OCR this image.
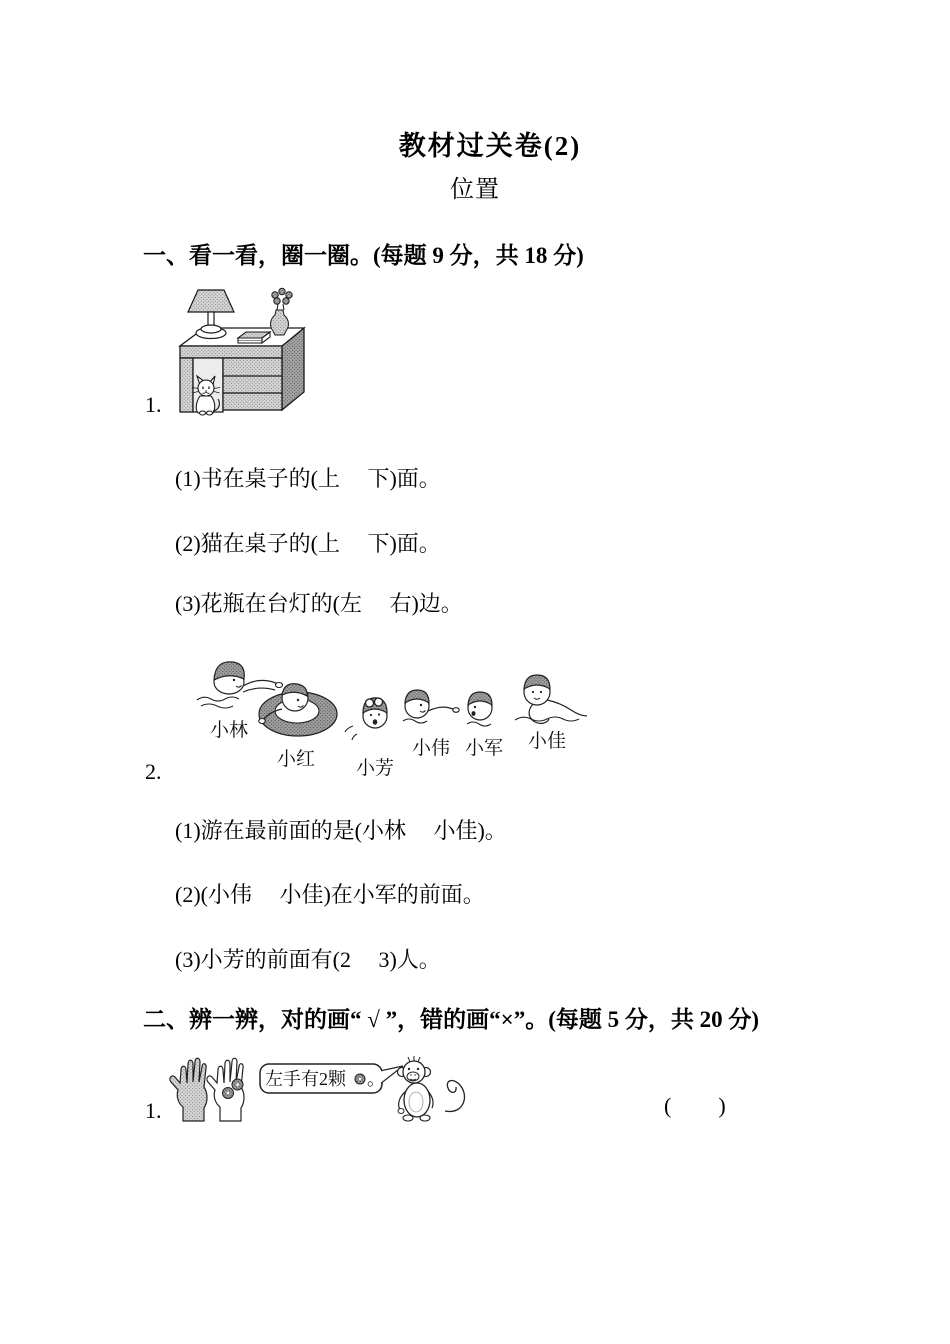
教材过关卷(2)
位置
一、看一看，圈一圈。(每题 9 分，共 18 分)
1.
(1)书在桌子的(上　 下)面。
(2)猫在桌子的(上　 下)面。
(3)花瓶在台灯的(左　 右)边。
小林
小红 小芳
小伟 小军 小佳
2.
(1)游在最前面的是(小林　 小佳)。
(2)(小伟　 小佳)在小军的前面。
(3)小芳的前面有(2　 3)人。
二、辨一辨，对的画“ √ ”，错的画“×”。(每题 5 分，共 20 分)
左手有2颗 。
1.	(　　)
